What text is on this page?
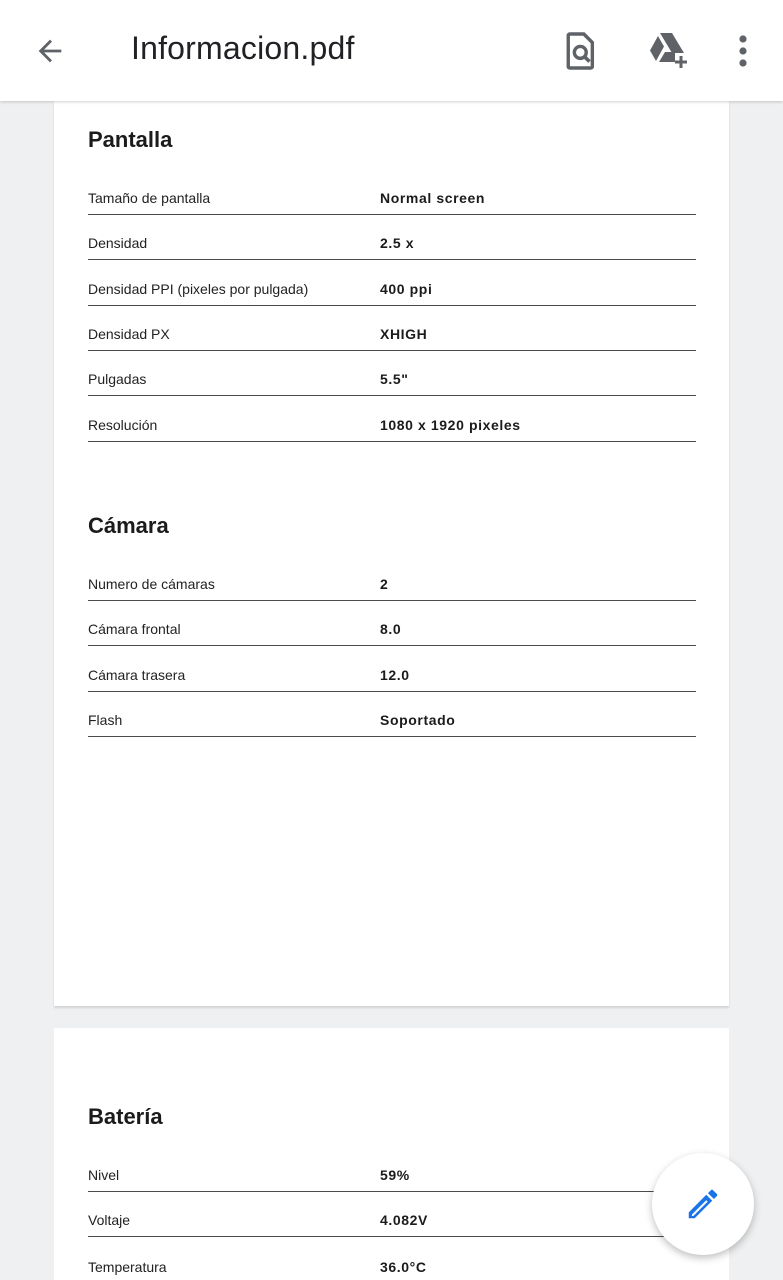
Informacion.pdf
Pantalla
Tamaño de pantalla	Normal screen
Densidad	2.5 x
Densidad PPI (pixeles por pulgada)	400 ppi
Densidad PX	XHIGH
Pulgadas	5.5"
Resolución	1080 x 1920 pixeles
Cámara
Numero de cámaras	2
Cámara frontal	8.0
Cámara trasera	12.0
Flash	Soportado
Batería
Nivel	59%
Voltaje	4.082V
Temperatura	36.0°C
